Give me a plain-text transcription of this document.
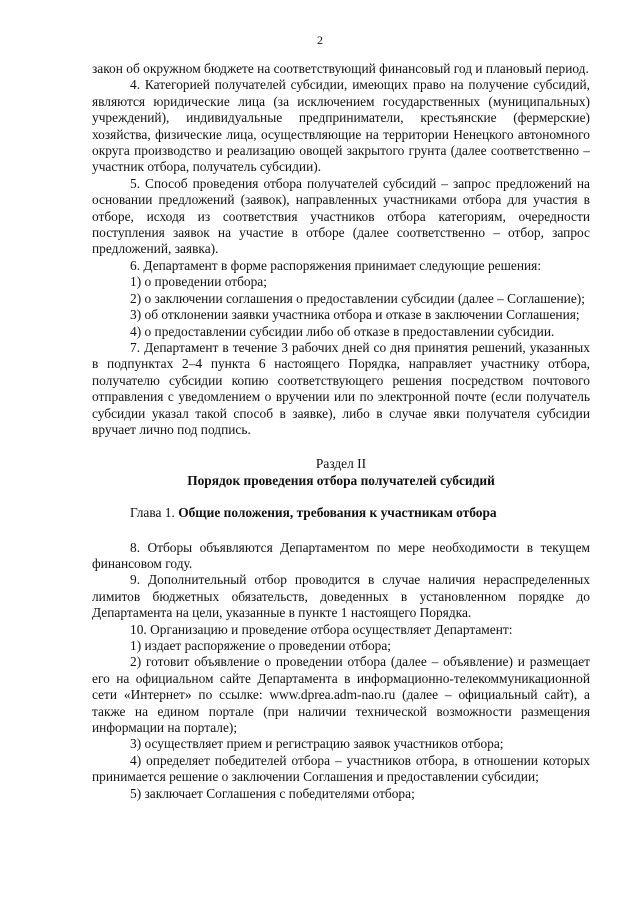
2

закон об окружном бюджете на соответствующий финансовый год и плановый период.

4. Категорией получателей субсидии, имеющих право на получение субсидий, являются юридические лица (за исключением государственных (муниципальных) учреждений), индивидуальные предприниматели, крестьянские (фермерские) хозяйства, физические лица, осуществляющие на территории Ненецкого автономного округа производство и реализацию овощей закрытого грунта (далее соответственно – участник отбора, получатель субсидии).

5. Способ проведения отбора получателей субсидий – запрос предложений на основании предложений (заявок), направленных участниками отбора для участия в отборе, исходя из соответствия участников отбора категориям, очередности поступления заявок на участие в отборе (далее соответственно – отбор, запрос предложений, заявка).

6. Департамент в форме распоряжения принимает следующие решения:

1) о проведении отбора;

2) о заключении соглашения о предоставлении субсидии (далее – Соглашение);

3) об отклонении заявки участника отбора и отказе в заключении Соглашения;

4) о предоставлении субсидии либо об отказе в предоставлении субсидии.

7. Департамент в течение 3 рабочих дней со дня принятия решений, указанных в подпунктах 2–4 пункта 6 настоящего Порядка, направляет участнику отбора, получателю субсидии копию соответствующего решения посредством почтового отправления с уведомлением о вручении или по электронной почте (если получатель субсидии указал такой способ в заявке), либо в случае явки получателя субсидии вручает лично под подпись.

Раздел II

Порядок проведения отбора получателей субсидий

Глава 1. Общие положения, требования к участникам отбора

8. Отборы объявляются Департаментом по мере необходимости в текущем финансовом году.

9. Дополнительный отбор проводится в случае наличия нераспределенных лимитов бюджетных обязательств, доведенных в установленном порядке до Департамента на цели, указанные в пункте 1 настоящего Порядка.

10. Организацию и проведение отбора осуществляет Департамент:

1) издает распоряжение о проведении отбора;

2) готовит объявление о проведении отбора (далее – объявление) и размещает его на официальном сайте Департамента в информационно-телекоммуникационной сети «Интернет» по ссылке: www.dprea.adm-nao.ru (далее – официальный сайт), а также на едином портале (при наличии технической возможности размещения информации на портале);

3) осуществляет прием и регистрацию заявок участников отбора;

4) определяет победителей отбора – участников отбора, в отношении которых принимается решение о заключении Соглашения и предоставлении субсидии;

5) заключает Соглашения с победителями отбора;
